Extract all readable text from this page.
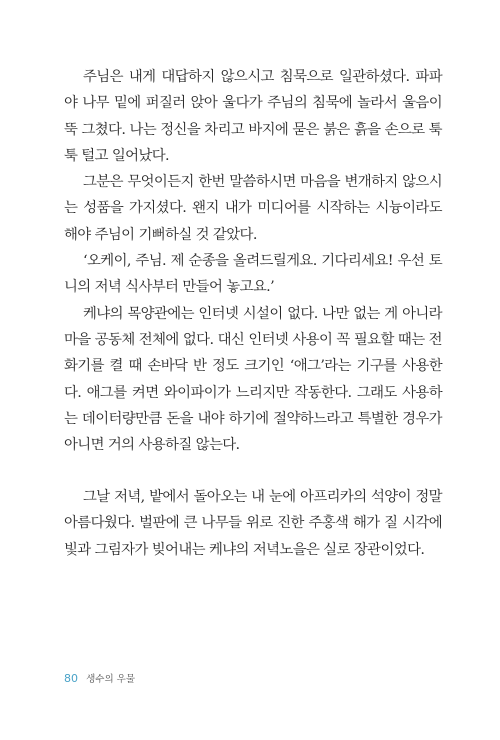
주님은 내게 대답하지 않으시고 침묵으로 일관하셨다. 파파야 나무 밑에 퍼질러 앉아 울다가 주님의 침묵에 놀라서 울음이 뚝 그쳤다. 나는 정신을 차리고 바지에 묻은 붉은 흙을 손으로 툭툭 털고 일어났다.

그분은 무엇이든지 한번 말씀하시면 마음을 변개하지 않으시는 성품을 가지셨다. 왠지 내가 미디어를 시작하는 시늉이라도 해야 주님이 기뻐하실 것 같았다.

‘오케이, 주님. 제 순종을 올려드릴게요. 기다리세요! 우선 토니의 저녁 식사부터 만들어 놓고요.’

케냐의 목양관에는 인터넷 시설이 없다. 나만 없는 게 아니라 마을 공동체 전체에 없다. 대신 인터넷 사용이 꼭 필요할 때는 전화기를 켤 때 손바닥 반 정도 크기인 ‘애그’라는 기구를 사용한다. 애그를 켜면 와이파이가 느리지만 작동한다. 그래도 사용하는 데이터량만큼 돈을 내야 하기에 절약하느라고 특별한 경우가 아니면 거의 사용하질 않는다.

그날 저녁, 밭에서 돌아오는 내 눈에 아프리카의 석양이 정말 아름다웠다. 벌판에 큰 나무들 위로 진한 주홍색 해가 질 시각에 빛과 그림자가 빚어내는 케냐의 저녁노을은 실로 장관이었다.

80 생수의 우물
